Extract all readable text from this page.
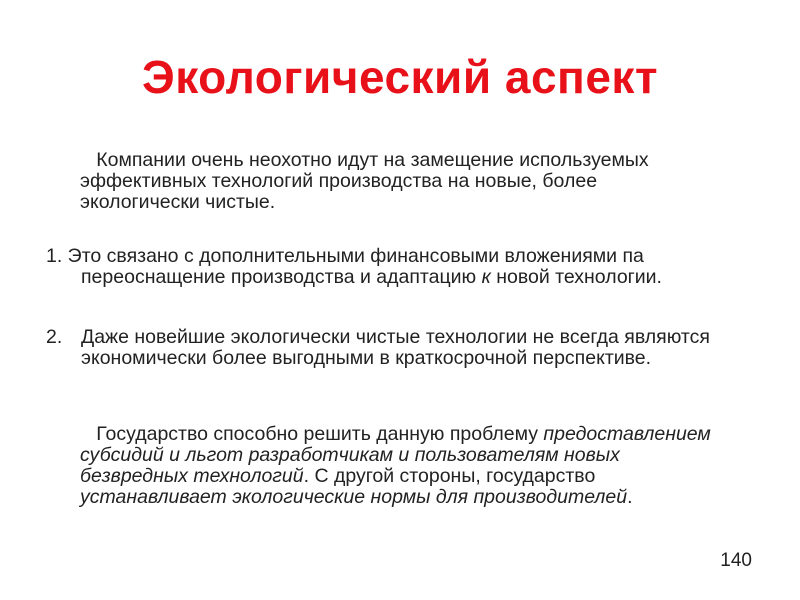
Экологический аспект
Компании очень неохотно идут на замещение используемых эффективных технологий производства на новые, более экологически чистые.
1. Это связано с дополнительными финансовыми вложениями па
переоснащение производства и адаптацию к новой технологии.
2. Даже новейшие экологически чистые технологии не всегда являются экономически более выгодными в краткосрочной перспективе.
Государство способно решить данную проблему предоставлением субсидий и льгот разработчикам и пользователям новых безвредных технологий. С другой стороны, государство устанавливает экологические нормы для производителей.
140
